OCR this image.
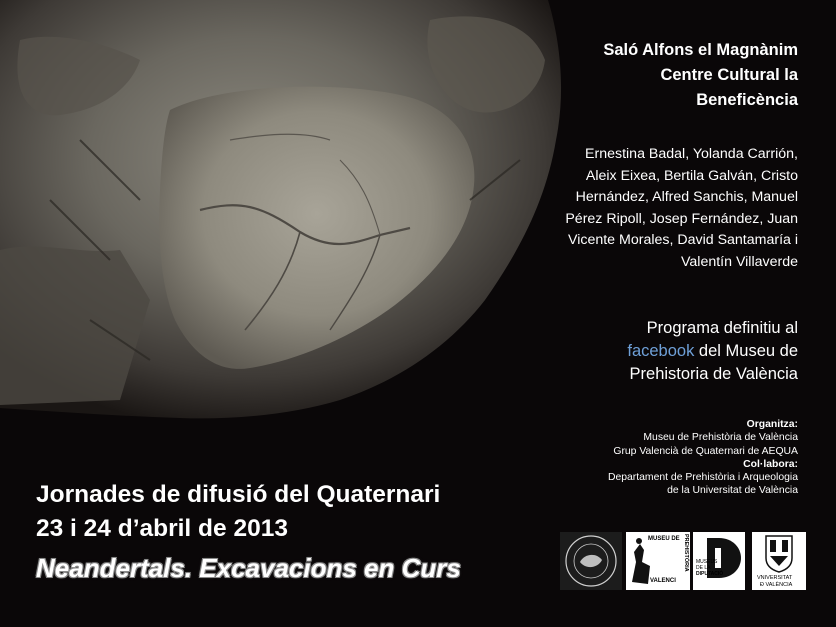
Saló Alfons el Magnànim
Centre Cultural la
Beneficència
Ernestina Badal, Yolanda Carrión,
Aleix Eixea, Bertila Galván, Cristo
Hernández, Alfred Sanchis, Manuel
Pérez Ripoll, Josep Fernández, Juan
Vicente Morales, David Santamaría i
Valentín Villaverde
Programa definitiu al
facebook del Museu de
Prehistoria de València
Organitza:
Museu de Prehistòria de València
Grup Valencià de Quaternari de AEQUA
Col·labora:
Departament de Prehistòria i Arqueologia
de la Universitat de València
Jornades de difusió del Quaternari
23 i 24 d’abril de 2013
Neandertals. Excavacions en Curs
MUSEU DE
VALENCI
PREHISTÒRIA MUSEUS
DE LA
DIPUTACIÓ
VNIVERSITAT
Ð VALÈNCIA
